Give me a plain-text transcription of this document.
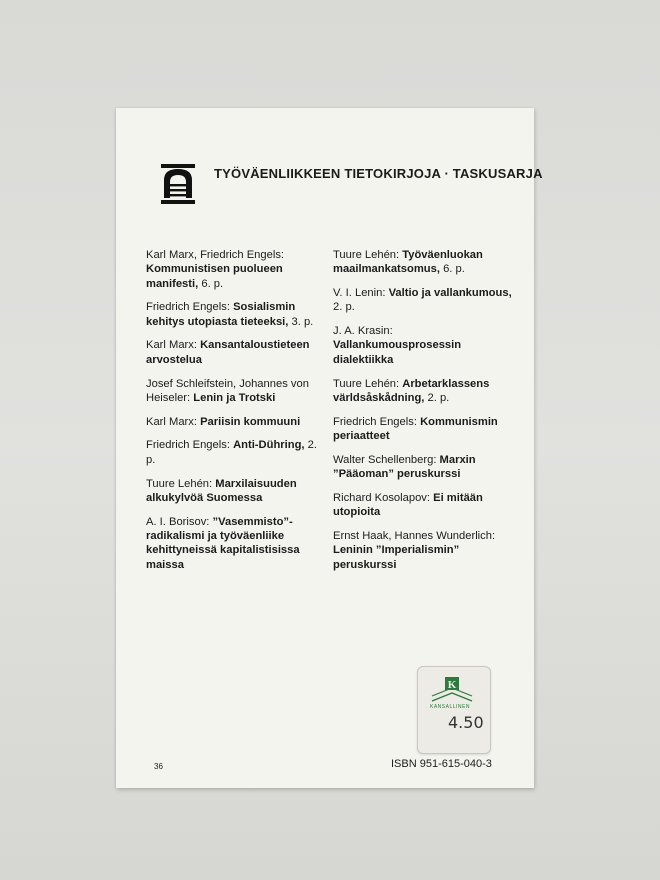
TYÖVÄENLIIKKEEN TIETOKIRJOJA · TASKUSARJA
Karl Marx, Friedrich Engels: Kommunistisen puolueen manifesti, 6. p.
Friedrich Engels: Sosialismin kehitys utopiasta tieteeksi, 3. p.
Karl Marx: Kansantaloustieteen arvostelua
Josef Schleifstein, Johannes von Heiseler: Lenin ja Trotski
Karl Marx: Pariisin kommuuni
Friedrich Engels: Anti-Dühring, 2. p.
Tuure Lehén: Marxilaisuuden alkukylvöä Suomessa
A. I. Borisov: ”Vasemmisto”-radikalismi ja työväenliike kehittyneissä kapitalistisissa maissa
Tuure Lehén: Työväenluokan maailmankatsomus, 6. p.
V. I. Lenin: Valtio ja vallankumous, 2. p.
J. A. Krasin: Vallankumousprosessin dialektiikka
Tuure Lehén: Arbetarklassens världsåskådning, 2. p.
Friedrich Engels: Kommunismin periaatteet
Walter Schellenberg: Marxin ”Pääoman” peruskurssi
Richard Kosolapov: Ei mitään utopioita
Ernst Haak, Hannes Wunderlich: Leninin ”Imperialismin” peruskurssi
36	ISBN 951-615-040-3
K
KANSALLINEN
4.50
